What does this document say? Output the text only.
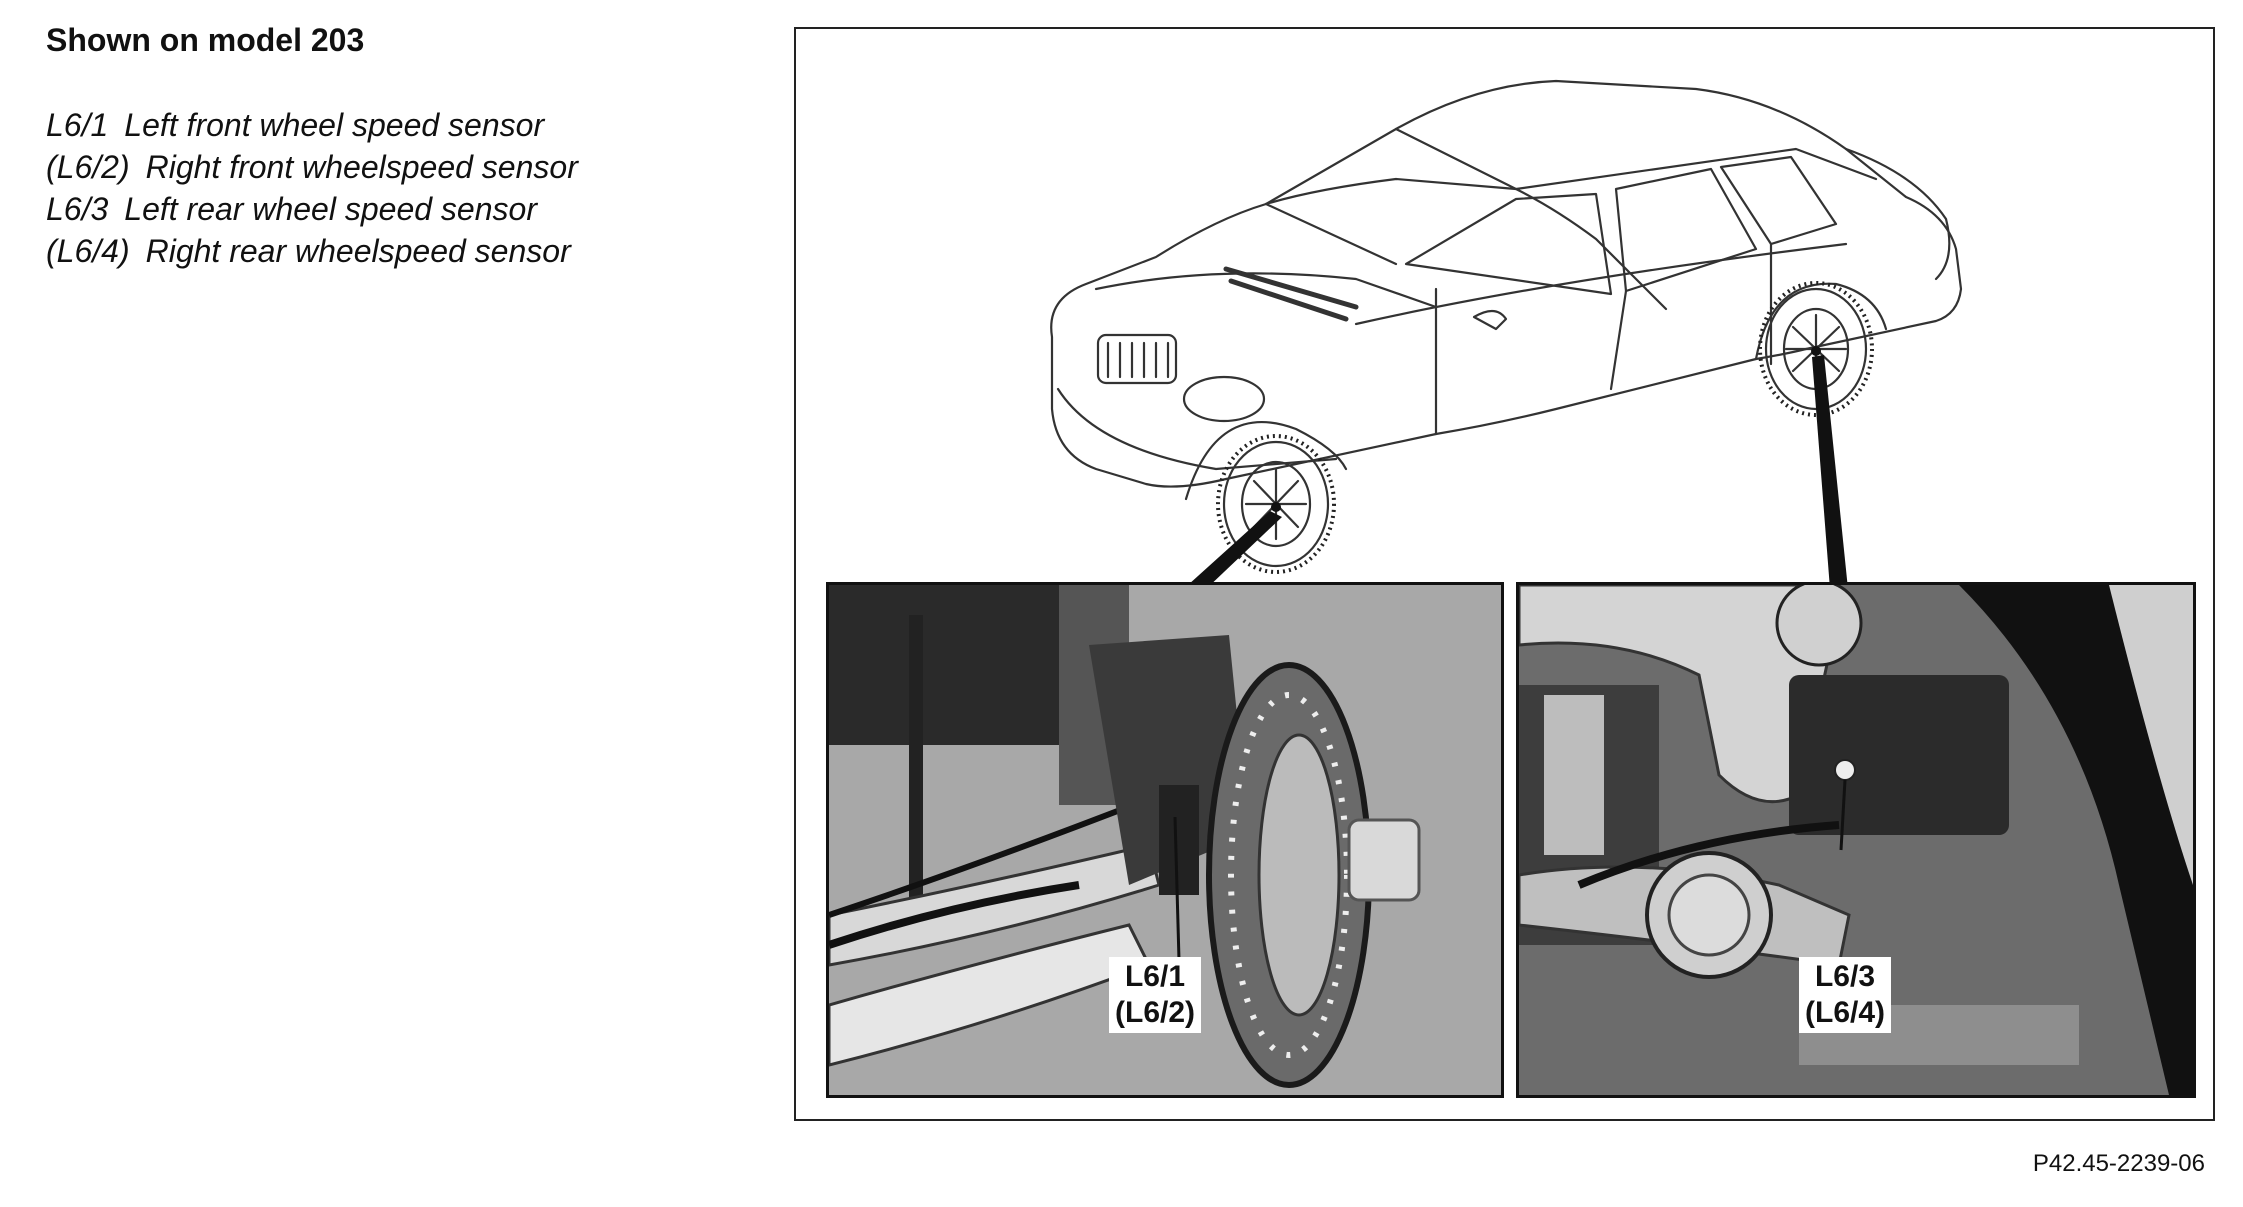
Shown on model 203
L6/1 Left front wheel speed sensor
(L6/2) Right front wheelspeed sensor
L6/3 Left rear wheel speed sensor
(L6/4) Right rear wheelspeed sensor
L6/1
(L6/2)
L6/3
(L6/4)
P42.45-2239-06
